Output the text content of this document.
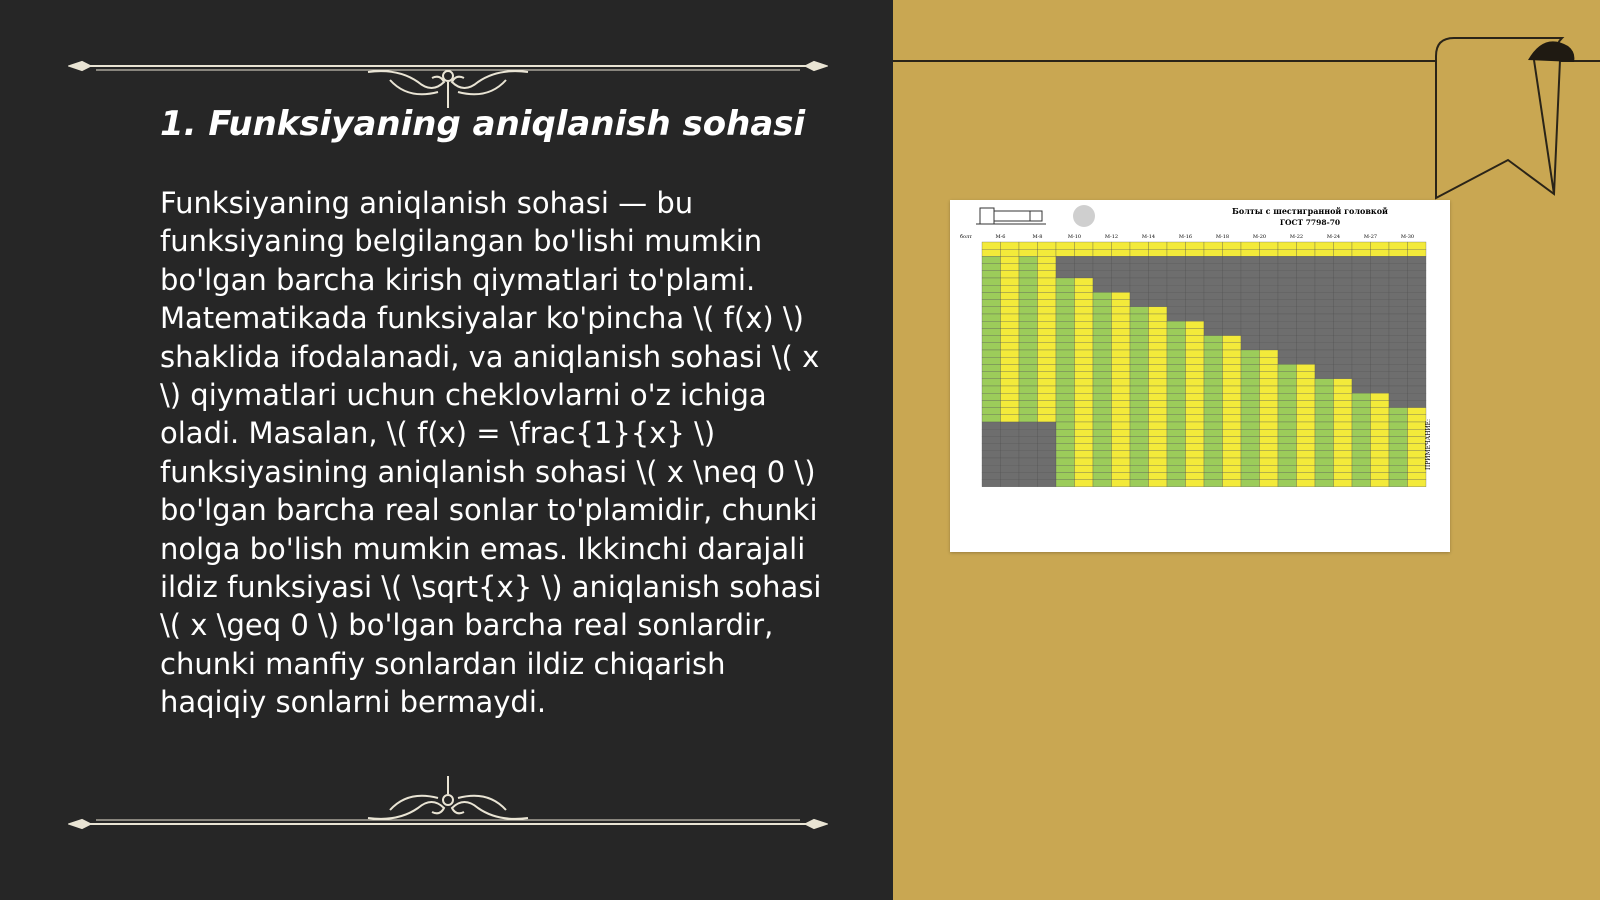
1. Funksiyaning aniqlanish sohasi

Funksiyaning aniqlanish sohasi — bu funksiyaning belgilangan bo'lishi mumkin bo'lgan barcha kirish qiymatlari to'plami. Matematikada funksiyalar ko'pincha \( f(x) \) shaklida ifodalanadi, va aniqlanish sohasi \( x \) qiymatlari uchun cheklovlarni o'z ichiga oladi. Masalan, \( f(x) = \frac{1}{x} \) funksiyasining aniqlanish sohasi \( x \neq 0 \) bo'lgan barcha real sonlar to'plamidir, chunki nolga bo'lish mumkin emas. Ikkinchi darajali ildiz funksiyasi \( \sqrt{x} \) aniqlanish sohasi \( x \geq 0 \) bo'lgan barcha real sonlardir, chunki manfiy sonlardan ildiz chiqarish haqiqiy sonlarni bermaydi.

Болты с шестигранной головкой
ГОСТ 7798-70
болт	М-6	М-8	М-10	М-12	М-14	М-16	М-18	М-20	М-22	М-24	М-27	М-30
ПРИМЕЧАНИЕ:
